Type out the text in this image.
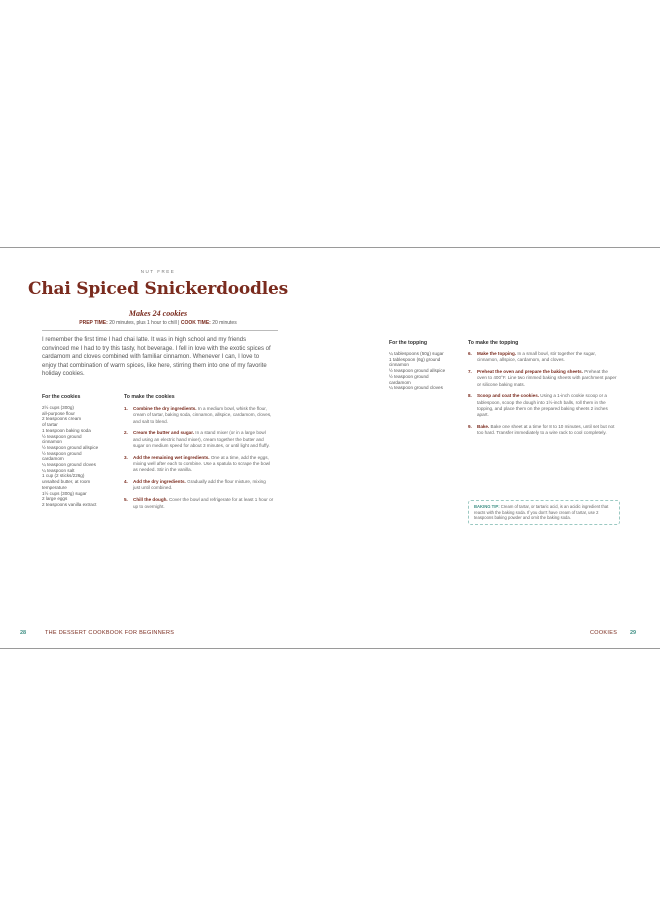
NUT FREE
Chai Spiced Snickerdoodles
Makes 24 cookies
PREP TIME: 20 minutes, plus 1 hour to chill | COOK TIME: 20 minutes
I remember the first time I had chai latte. It was in high school and my friends convinced me I had to try this tasty, hot beverage. I fell in love with the exotic spices of cardamom and cloves combined with familiar cinnamon. Whenever I can, I love to enjoy that combination of warm spices, like here, stirring them into one of my favorite holiday cookies.
For the cookies
2½ cups (300g)
all-purpose flour
2 teaspoons cream
of tartar
1 teaspoon baking soda
½ teaspoon ground
cinnamon
½ teaspoon ground allspice
½ teaspoon ground
cardamom
¼ teaspoon ground cloves
¼ teaspoon salt
1 cup (2 sticks/226g)
unsalted butter, at room
temperature
1½ cups (300g) sugar
2 large eggs
2 teaspoons vanilla extract
To make the cookies
1.	Combine the dry ingredients. In a medium bowl, whisk the flour, cream of tartar, baking soda, cinnamon, allspice, cardamom, cloves, and salt to blend.
2.	Cream the butter and sugar. In a stand mixer (or in a large bowl and using an electric hand mixer), cream together the butter and sugar on medium speed for about 3 minutes, or until light and fluffy.
3.	Add the remaining wet ingredients. One at a time, add the eggs, mixing well after each to combine. Use a spatula to scrape the bowl as needed. Stir in the vanilla.
4.	Add the dry ingredients. Gradually add the flour mixture, mixing just until combined.
5.	Chill the dough. Cover the bowl and refrigerate for at least 1 hour or up to overnight.
28	THE DESSERT COOKBOOK FOR BEGINNERS
For the topping
¼ tablespoons (50g) sugar
1 tablespoon (6g) ground
cinnamon
½ teaspoon ground allspice
½ teaspoon ground
cardamom
¼ teaspoon ground cloves
To make the topping
6.	Make the topping. In a small bowl, stir together the sugar, cinnamon, allspice, cardamom, and cloves.
7.	Preheat the oven and prepare the baking sheets. Preheat the oven to 400°F. Line two rimmed baking sheets with parchment paper or silicone baking mats.
8.	Scoop and coat the cookies. Using a 1-inch cookie scoop or a tablespoon, scoop the dough into 1½-inch balls, roll them in the topping, and place them on the prepared baking sheets 2 inches apart.
9.	Bake. Bake one sheet at a time for 8 to 10 minutes, until set but not too hard. Transfer immediately to a wire rack to cool completely.
BAKING TIP: Cream of tartar, or tartaric acid, is an acidic ingredient that reacts with the baking soda. If you don't have cream of tartar, use 2 teaspoons baking powder and omit the baking soda.
COOKIES 29
